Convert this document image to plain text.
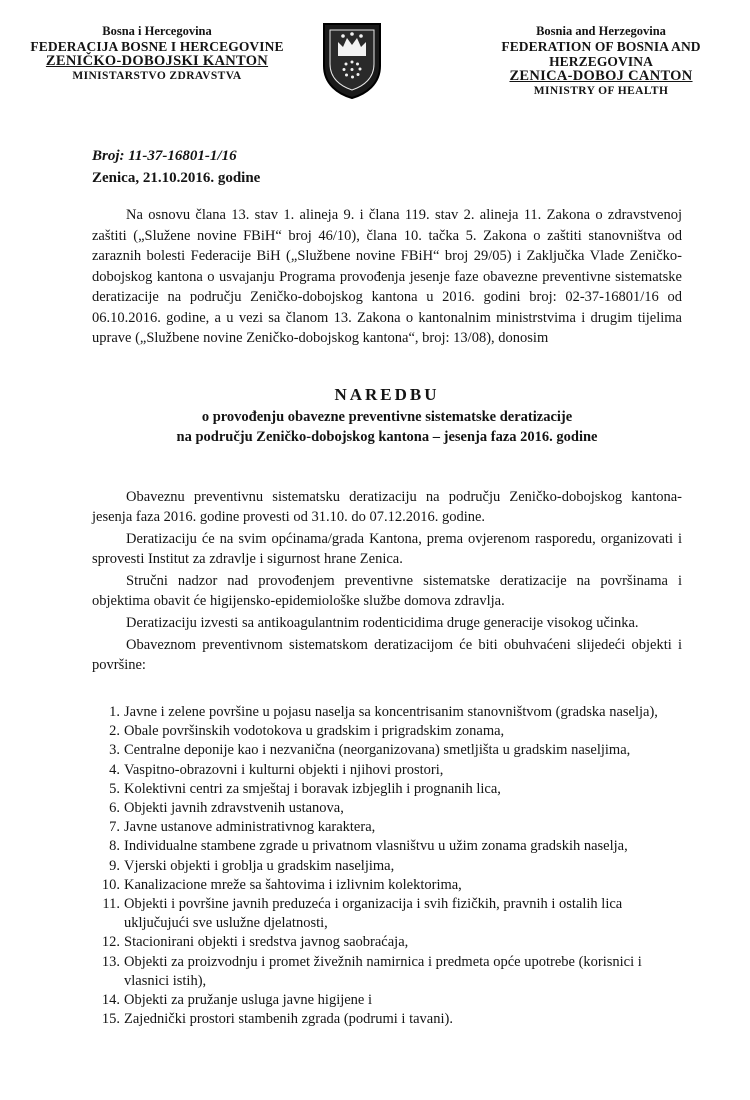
Bosna i Hercegovina
FEDERACIJA BOSNE I HERCEGOVINE
ZENIČKO-DOBOJSKI KANTON
MINISTARSTVO ZDRAVSTVA
Bosnia and Herzegovina
FEDERATION OF BOSNIA AND HERZEGOVINA
ZENICA-DOBOJ CANTON
MINISTRY OF HEALTH
Broj: 11-37-16801-1/16
Zenica, 21.10.2016. godine

Na osnovu člana 13. stav 1. alineja 9. i člana 119. stav 2. alineja 11. Zakona o zdravstvenoj zaštiti („Služene novine FBiH“ broj 46/10), člana 10. tačka 5. Zakona o zaštiti stanovništva od zaraznih bolesti Federacije BiH („Službene novine FBiH“ broj 29/05) i Zaključka Vlade Zeničko-dobojskog kantona o usvajanju Programa provođenja jesenje faze obavezne preventivne sistematske deratizacije na području Zeničko-dobojskog kantona u 2016. godini broj: 02-37-16801/16 od 06.10.2016. godine, a u vezi sa članom 13. Zakona o kantonalnim ministrstvima i drugim tijelima uprave („Službene novine Zeničko-dobojskog kantona“, broj: 13/08), donosim

NAREDBU
o provođenju obavezne preventivne sistematske deratizacije
na području Zeničko-dobojskog kantona – jesenja faza 2016. godine

Obaveznu preventivnu sistematsku deratizaciju na području Zeničko-dobojskog kantona-jesenja faza 2016. godine provesti od 31.10. do 07.12.2016. godine.

Deratizaciju će na svim općinama/grada Kantona, prema ovjerenom rasporedu, organizovati i sprovesti Institut za zdravlje i sigurnost hrane Zenica.

Stručni nadzor nad provođenjem preventivne sistematske deratizacije na površinama i objektima obavit će higijensko-epidemiološke službe domova zdravlja.

Deratizaciju izvesti sa antikoagulantnim rodenticidima druge generacije visokog učinka.

Obaveznom preventivnom sistematskom deratizacijom će biti obuhvaćeni slijedeći objekti i površine:

1. Javne i zelene površine u pojasu naselja sa koncentrisanim stanovništvom (gradska naselja),
2. Obale površinskih vodotokova u gradskim i prigradskim zonama,
3. Centralne deponije kao i nezvanična (neorganizovana) smetljišta u gradskim naseljima,
4. Vaspitno-obrazovni i kulturni objekti i njihovi prostori,
5. Kolektivni centri za smještaj i boravak izbjeglih i prognanih lica,
6. Objekti javnih zdravstvenih ustanova,
7. Javne ustanove administrativnog karaktera,
8. Individualne stambene zgrade u privatnom vlasništvu u užim zonama gradskih naselja,
9. Vjerski objekti i groblja u gradskim naseljima,
10. Kanalizacione mreže sa šahtovima i izlivnim kolektorima,
11. Objekti i površine javnih preduzeća i organizacija i svih fizičkih, pravnih i ostalih lica uključujući sve uslužne djelatnosti,
12. Stacionirani objekti i sredstva javnog saobraćaja,
13. Objekti za proizvodnju i promet živežnih namirnica i predmeta opće upotrebe (korisnici i vlasnici istih),
14. Objekti za pružanje usluga javne higijene i
15. Zajednički prostori stambenih zgrada (podrumi i tavani).
